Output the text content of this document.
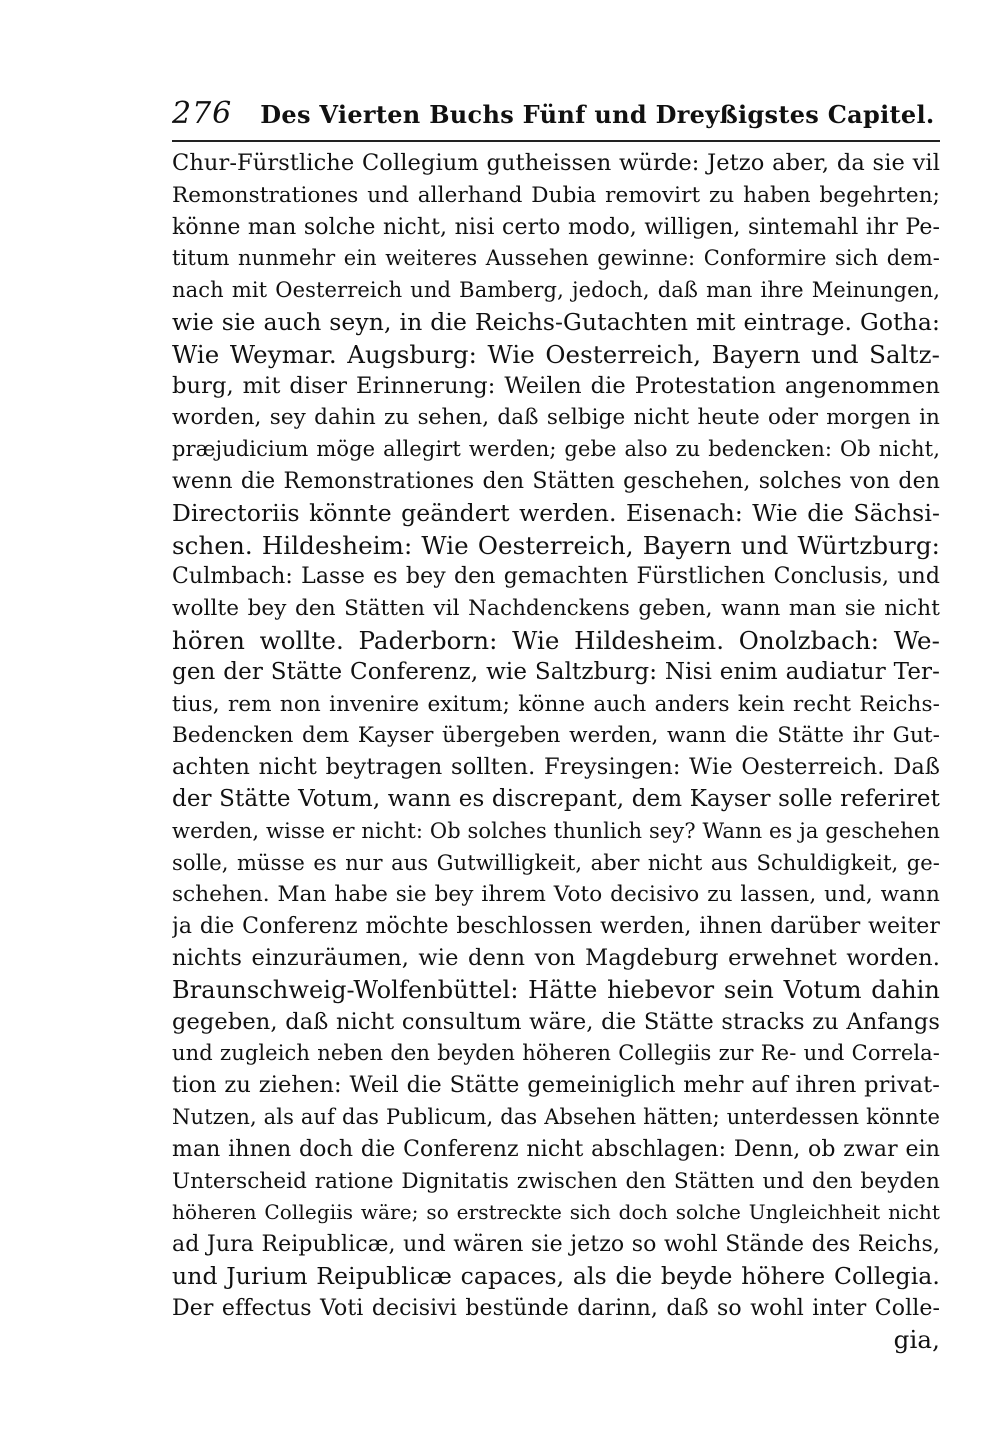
276 Des Vierten Buchs Fünf und Dreyßigstes Capitel.
Chur-Fürstliche Collegium gutheissen würde: Jetzo aber, da sie vil
Remonstrationes und allerhand Dubia removirt zu haben begehrten;
könne man solche nicht, nisi certo modo, willigen, sintemahl ihr Pe-
titum nunmehr ein weiteres Aussehen gewinne: Conformire sich dem-
nach mit Oesterreich und Bamberg, jedoch, daß man ihre Meinungen,
wie sie auch seyn, in die Reichs-Gutachten mit eintrage. Gotha:
Wie Weymar. Augsburg: Wie Oesterreich, Bayern und Saltz-
burg, mit diser Erinnerung: Weilen die Protestation angenommen
worden, sey dahin zu sehen, daß selbige nicht heute oder morgen in
præjudicium möge allegirt werden; gebe also zu bedencken: Ob nicht,
wenn die Remonstrationes den Stätten geschehen, solches von den
Directoriis könnte geändert werden. Eisenach: Wie die Sächsi-
schen. Hildesheim: Wie Oesterreich, Bayern und Würtzburg:
Culmbach: Lasse es bey den gemachten Fürstlichen Conclusis, und
wollte bey den Stätten vil Nachdenckens geben, wann man sie nicht
hören wollte. Paderborn: Wie Hildesheim. Onolzbach: We-
gen der Stätte Conferenz, wie Saltzburg: Nisi enim audiatur Ter-
tius, rem non invenire exitum; könne auch anders kein recht Reichs-
Bedencken dem Kayser übergeben werden, wann die Stätte ihr Gut-
achten nicht beytragen sollten. Freysingen: Wie Oesterreich. Daß
der Stätte Votum, wann es discrepant, dem Kayser solle referiret
werden, wisse er nicht: Ob solches thunlich sey? Wann es ja geschehen
solle, müsse es nur aus Gutwilligkeit, aber nicht aus Schuldigkeit, ge-
schehen. Man habe sie bey ihrem Voto decisivo zu lassen, und, wann
ja die Conferenz möchte beschlossen werden, ihnen darüber weiter
nichts einzuräumen, wie denn von Magdeburg erwehnet worden.
Braunschweig-Wolfenbüttel: Hätte hiebevor sein Votum dahin
gegeben, daß nicht consultum wäre, die Stätte stracks zu Anfangs
und zugleich neben den beyden höheren Collegiis zur Re- und Correla-
tion zu ziehen: Weil die Stätte gemeiniglich mehr auf ihren privat-
Nutzen, als auf das Publicum, das Absehen hätten; unterdessen könnte
man ihnen doch die Conferenz nicht abschlagen: Denn, ob zwar ein
Unterscheid ratione Dignitatis zwischen den Stätten und den beyden
höheren Collegiis wäre; so erstreckte sich doch solche Ungleichheit nicht
ad Jura Reipublicæ, und wären sie jetzo so wohl Stände des Reichs,
und Jurium Reipublicæ capaces, als die beyde höhere Collegia.
Der effectus Voti decisivi bestünde darinn, daß so wohl inter Colle-
gia,
